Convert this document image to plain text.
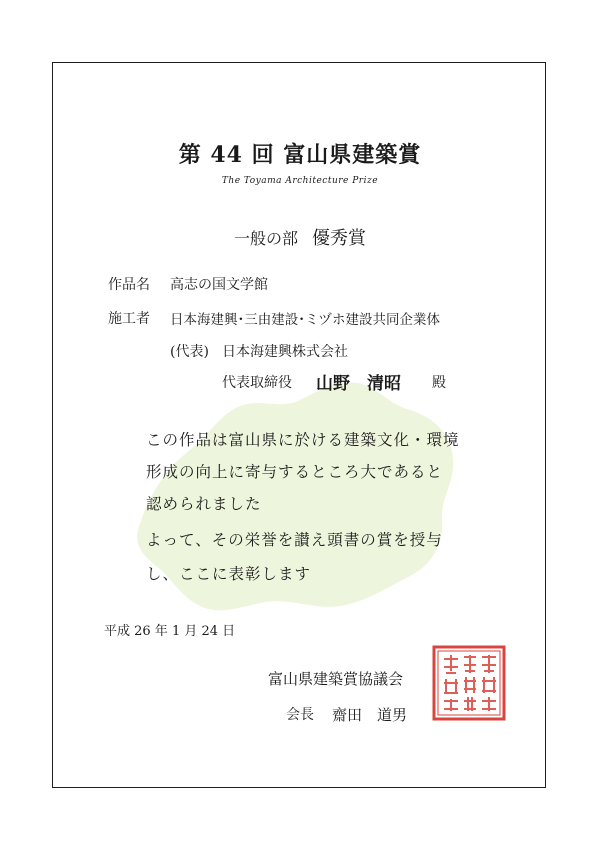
第 44 回 富山県建築賞
The Toyama Architecture Prize
一般の部 優秀賞
作品名 高志の国文学館
施工者 日本海建興･三由建設･ミヅホ建設共同企業体
(代表) 日本海建興株式会社
代表取締役 山野　清昭 殿
この作品は富山県に於ける建築文化・環境
形成の向上に寄与するところ大であると
認められました
よって、その栄誉を讃え頭書の賞を授与
し、ここに表彰します
平成 26 年 1 月 24 日
富山県建築賞協議会
会長 齋田　道男
